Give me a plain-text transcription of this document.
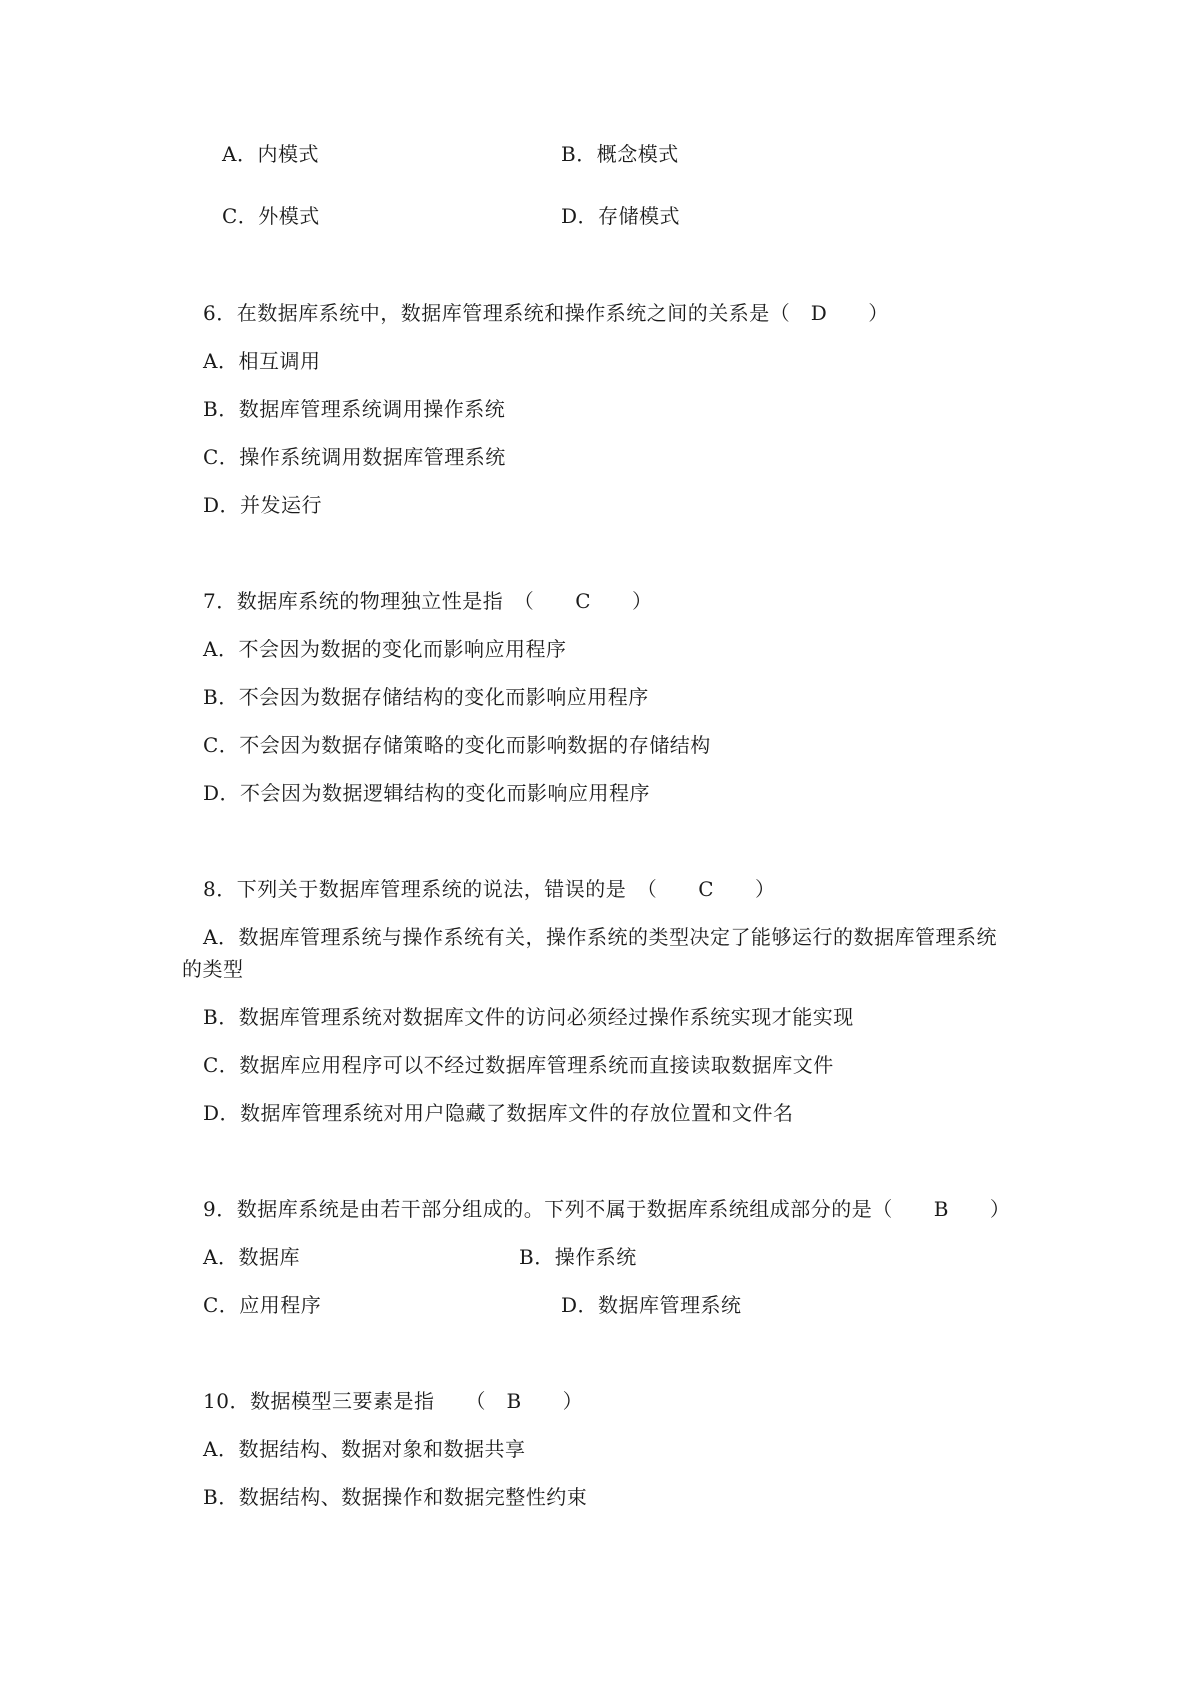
A．内模式	B．概念模式
C．外模式	D．存储模式
6．在数据库系统中，数据库管理系统和操作系统之间的关系是（　D　　）
A．相互调用
B．数据库管理系统调用操作系统
C．操作系统调用数据库管理系统
D．并发运行
7．数据库系统的物理独立性是指　（　　C　　）
A．不会因为数据的变化而影响应用程序
B．不会因为数据存储结构的变化而影响应用程序
C．不会因为数据存储策略的变化而影响数据的存储结构
D．不会因为数据逻辑结构的变化而影响应用程序
8．下列关于数据库管理系统的说法，错误的是　（　　C　　）
A．数据库管理系统与操作系统有关，操作系统的类型决定了能够运行的数据库管理系统
的类型
B．数据库管理系统对数据库文件的访问必须经过操作系统实现才能实现
C．数据库应用程序可以不经过数据库管理系统而直接读取数据库文件
D．数据库管理系统对用户隐藏了数据库文件的存放位置和文件名
9．数据库系统是由若干部分组成的。下列不属于数据库系统组成部分的是（　　B　　）
A．数据库	B．操作系统
C．应用程序	D．数据库管理系统
10．数据模型三要素是指　　（　B　　）
A．数据结构、数据对象和数据共享
B．数据结构、数据操作和数据完整性约束
